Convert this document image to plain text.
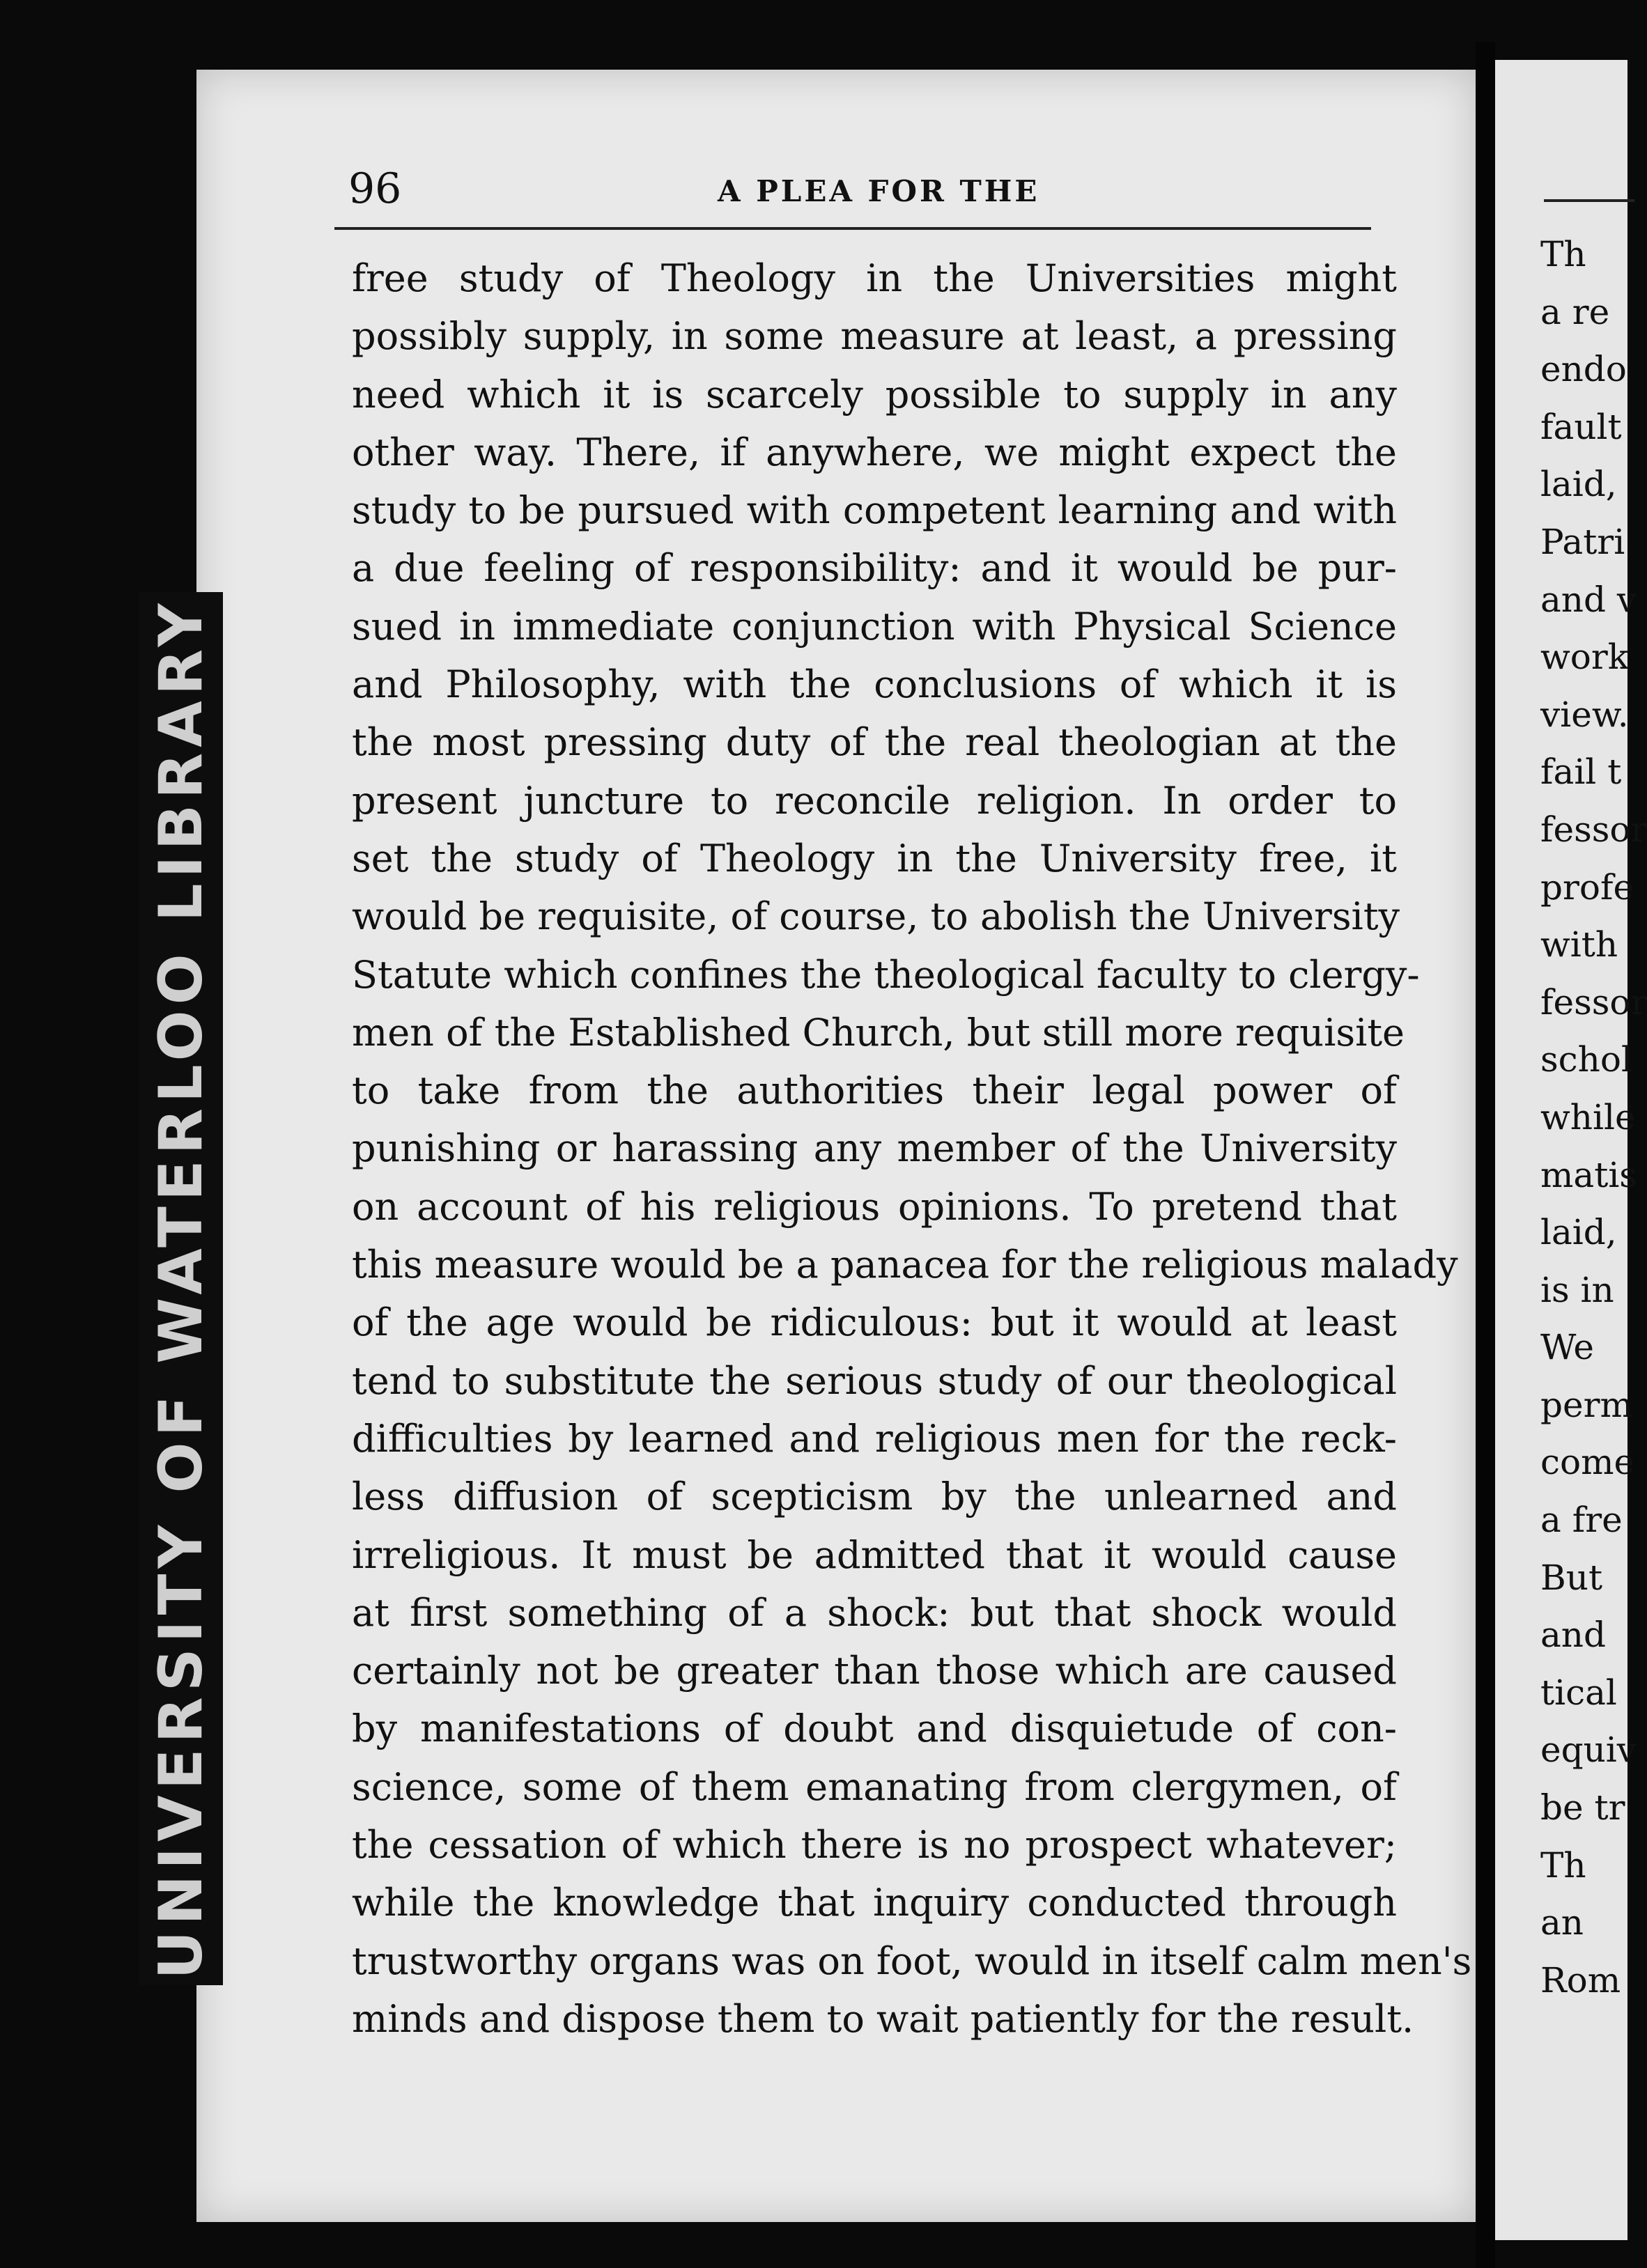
UNIVERSITY OF WATERLOO LIBRARY
96	A PLEA FOR THE
free study of Theology in the Universities might
possibly supply, in some measure at least, a pressing
need which it is scarcely possible to supply in any
other way. There, if anywhere, we might expect the
study to be pursued with competent learning and with
a due feeling of responsibility: and it would be pur-
sued in immediate conjunction with Physical Science
and Philosophy, with the conclusions of which it is
the most pressing duty of the real theologian at the
present juncture to reconcile religion. In order to
set the study of Theology in the University free, it
would be requisite, of course, to abolish the University
Statute which confines the theological faculty to clergy-
men of the Established Church, but still more requisite
to take from the authorities their legal power of
punishing or harassing any member of the University
on account of his religious opinions. To pretend that
this measure would be a panacea for the religious malady
of the age would be ridiculous: but it would at least
tend to substitute the serious study of our theological
difficulties by learned and religious men for the reck-
less diffusion of scepticism by the unlearned and
irreligious. It must be admitted that it would cause
at first something of a shock: but that shock would
certainly not be greater than those which are caused
by manifestations of doubt and disquietude of con-
science, some of them emanating from clergymen, of
the cessation of which there is no prospect whatever;
while the knowledge that inquiry conducted through
trustworthy organs was on foot, would in itself calm men's
minds and dispose them to wait patiently for the result.
Th
a re
endo
fault
laid,
Patri
and v
work
view.
fail t
fessor
profe
with
fessor
schol
while
matis
laid,
is in
We
perm
come
a fre
But
and
tical
equiv
be tr
Th
an
Rom
